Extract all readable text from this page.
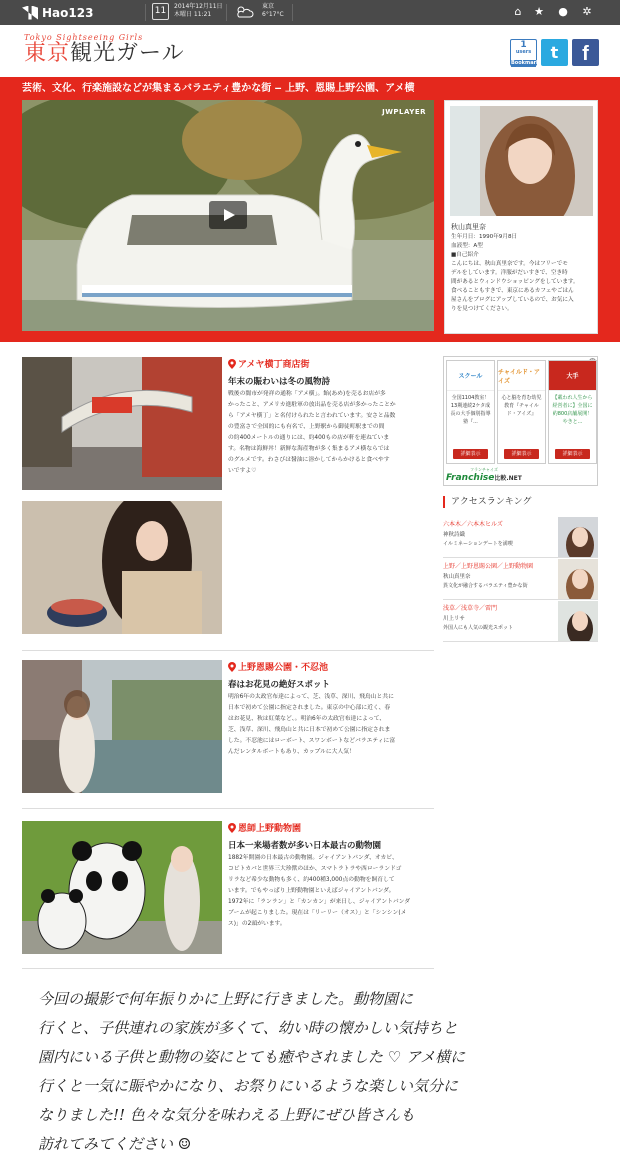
Hao123	11	2014年12月11日
木曜日 11:21
東京
6°17°C	⌂ ★ ● ✲
Tokyo Sightseeing Girls
東京観光ガール	1
users
Bookmark
t	f
芸術、文化、行楽施設などが集まるバラエティ豊かな街 ‒ 上野、恩賜上野公園、アメ横
JWPLAYER
秋山真里奈
生年月日：1990年9月8日
血液型：A型
■自己紹介
こんにちは、秋山真里奈です。今はフリーでモ
デルをしています。洋服がだいすきで、空き時
間があるとウィンドウショッピングをしています。
食べることもすきで、東京にあるカフェやごはん
屋さんをブログにアップしているので、お気に入
りを見つけてください。
アメヤ横丁商店街
年末の賑わいは冬の風物詩
戦後の闇市が発祥の通称「アメ横」。飴(あめ)を売るお店が多
かったこと、アメリカ進駐軍の放出品を売る店が多かったことか
ら「アメヤ横丁」と名付けられたと言われています。安さと品数
の豊富さで全国的にも有名で、上野駅から御徒町駅までの間
の約400メートルの通りには、約400もの店が軒を連ねていま
す。名物は海鮮丼！新鮮な海産物が多く集まるアメ横ならでは
のグルメです。わさびは醤油に溶かしてからかけると食べやす
いですよ♡
上野恩賜公園・不忍池
春はお花見の絶好スポット
明治6年の太政官布達によって、芝、浅草、深川、飛鳥山と共に
日本で初めて公園に指定されました。東京の中心部に近く、春
はお花見、秋は紅葉など、。明治6年の太政官布達によって、
芝、浅草、深川、飛鳥山と共に日本で初めて公園に指定されま
した。不忍池にはローボート、スワンボートなどバラエティに富
んだレンタルボートもあり、カップルに大人気！
恩師上野動物園
日本一来場者数が多い日本最古の動物園
1882年開園の日本最古の動物園。ジャイアントパンダ、オカピ、
コビトカバと世界三大珍獣のほか、スマトラトラや西ローランドゴ
リラなど希少な動物も多く、約400種3,000点の動物を飼育して
います。でもやっぱり上野動物園といえばジャイアントパンダ。
1972年に「ランラン」と「カンカン」が来日し、ジャイアントパンダ
ブームが起こりました。現在は「リーリー（オス）」と「シンシン(メ
ス)」の2頭がいます。
スクール
全国1104教室！13期連続2ケタ成長の大手個別指導塾『...
詳細表示
チャイルド・アイズ
心と脳を育む幼児教育『チャイルド・アイズ』
詳細表示
大手
【載われ人生から経営者に】全国に約800店舗展開！やきと...
詳細表示
フランチャイズ
Franchise比較.NET
アクセスランキング
六本木／六本木ヒルズ
神秋詩織
イルミネーションデートを満喫
上野／上野恩賜公園／上野動物園
秋山真里奈
異文化が融合するバラエティ豊かな街
浅草／浅草寺／雷門
川上リサ
外国人にも人気の観光スポット
今回の撮影で何年振りかに上野に行きました。動物園に
行くと、子供連れの家族が多くて、幼い時の懐かしい気持ちと
園内にいる子供と動物の姿にとても癒やされました ♡ アメ横に
行くと一気に賑やかになり、お祭りにいるような楽しい気分に
なりました!! 色々な気分を味わえる上野にぜひ皆さんも
訪れてみてください ☺
